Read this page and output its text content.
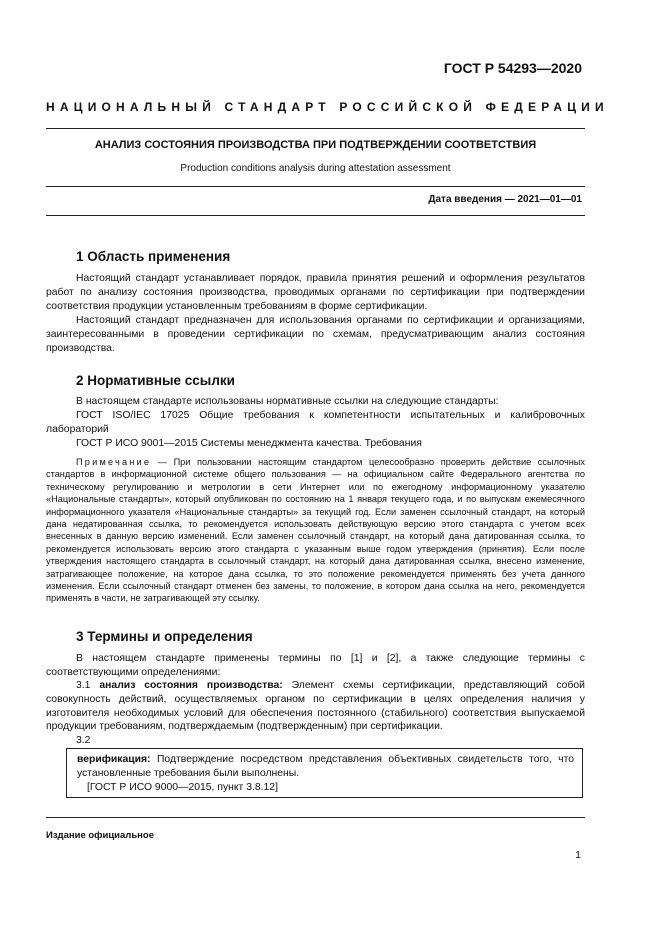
ГОСТ Р 54293—2020
НАЦИОНАЛЬНЫЙ СТАНДАРТ РОССИЙСКОЙ ФЕДЕРАЦИИ
АНАЛИЗ СОСТОЯНИЯ ПРОИЗВОДСТВА ПРИ ПОДТВЕРЖДЕНИИ СООТВЕТСТВИЯ
Production conditions analysis during attestation assessment
Дата введения — 2021—01—01
1 Область применения

Настоящий стандарт устанавливает порядок, правила принятия решений и оформления результатов работ по анализу состояния производства, проводимых органами по сертификации при подтверждении соответствия продукции установленным требованиям в форме сертификации.

Настоящий стандарт предназначен для использования органами по сертификации и организациями, заинтересованными в проведении сертификации по схемам, предусматривающим анализ состояния производства.

2 Нормативные ссылки

В настоящем стандарте использованы нормативные ссылки на следующие стандарты:

ГОСТ ISO/IEC 17025 Общие требования к компетентности испытательных и калибровочных лабораторий

ГОСТ Р ИСО 9001—2015 Системы менеджмента качества. Требования

Примечание — При пользовании настоящим стандартом целесообразно проверить действие ссылочных стандартов в информационной системе общего пользования — на официальном сайте Федерального агентства по техническому регулированию и метрологии в сети Интернет или по ежегодному информационному указателю «Национальные стандарты», который опубликован по состоянию на 1 января текущего года, и по выпускам ежемесячного информационного указателя «Национальные стандарты» за текущий год. Если заменен ссылочный стандарт, на который дана недатированная ссылка, то рекомендуется использовать действующую версию этого стандарта с учетом всех внесенных в данную версию изменений. Если заменен ссылочный стандарт, на который дана датированная ссылка, то рекомендуется использовать версию этого стандарта с указанным выше годом утверждения (принятия). Если после утверждения настоящего стандарта в ссылочный стандарт, на который дана датированная ссылка, внесено изменение, затрагивающее положение, на которое дана ссылка, то это положение рекомендуется применять без учета данного изменения. Если ссылочный стандарт отменен без замены, то положение, в котором дана ссылка на него, рекомендуется применять в части, не затрагивающей эту ссылку.

3 Термины и определения

В настоящем стандарте применены термины по [1] и [2], а также следующие термины с соответствующими определениями:

3.1 анализ состояния производства: Элемент схемы сертификации, представляющий собой совокупность действий, осуществляемых органом по сертификации в целях определения наличия у изготовителя необходимых условий для обеспечения постоянного (стабильного) соответствия выпускаемой продукции требованиям, подтверждаемым (подтвержденным) при сертификации.

3.2

верификация: Подтверждение посредством представления объективных свидетельств того, что установленные требования были выполнены.
[ГОСТ Р ИСО 9000—2015, пункт 3.8.12]

Издание официальное
1
